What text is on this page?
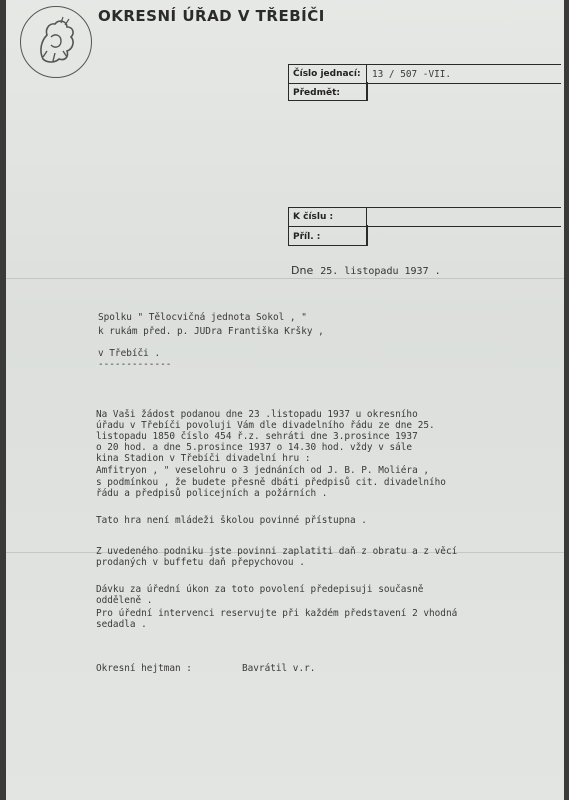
OKRESNÍ ÚŘAD V TŘEBÍČI
Číslo jednací: 13 / 507 -VII.
Předmět:
K číslu :
Příl. :
Dne 25. listopadu 1937 .
Spolku " Tělocvičná jednota Sokol , "
k rukám před. p. JUDra Františka Kršky ,
v Třebíči .
-------------
Na Vaši žádost podanou dne 23 .listopadu 1937 u okresního
úřadu v Třebíči povoluji Vám dle divadelního řádu ze dne 25.
listopadu 1850 číslo 454 ř.z. sehráti dne 3.prosince 1937
o 20 hod. a dne 5.prosince 1937 o 14.30 hod. vždy v sále
kina Stadion v Třebíči divadelní hru :
Amfitryon , " veselohru o 3 jednáních od J. B. P. Moliéra ,
s podmínkou , že budete přesně dbáti předpisů cit. divadelního
řádu a předpisů policejních a požárních .
Tato hra není mládeži školou povinné přístupna .
Z uvedeného podniku jste povinni zaplatiti daň z obratu a z věcí
prodaných v buffetu daň přepychovou .
Dávku za úřední úkon za toto povolení předepisuji současně
odděleně .
Pro úřední intervenci reservujte při každém představení 2 vhodná
sedadla .
Okresní hejtman :	Bavrátil v.r.
